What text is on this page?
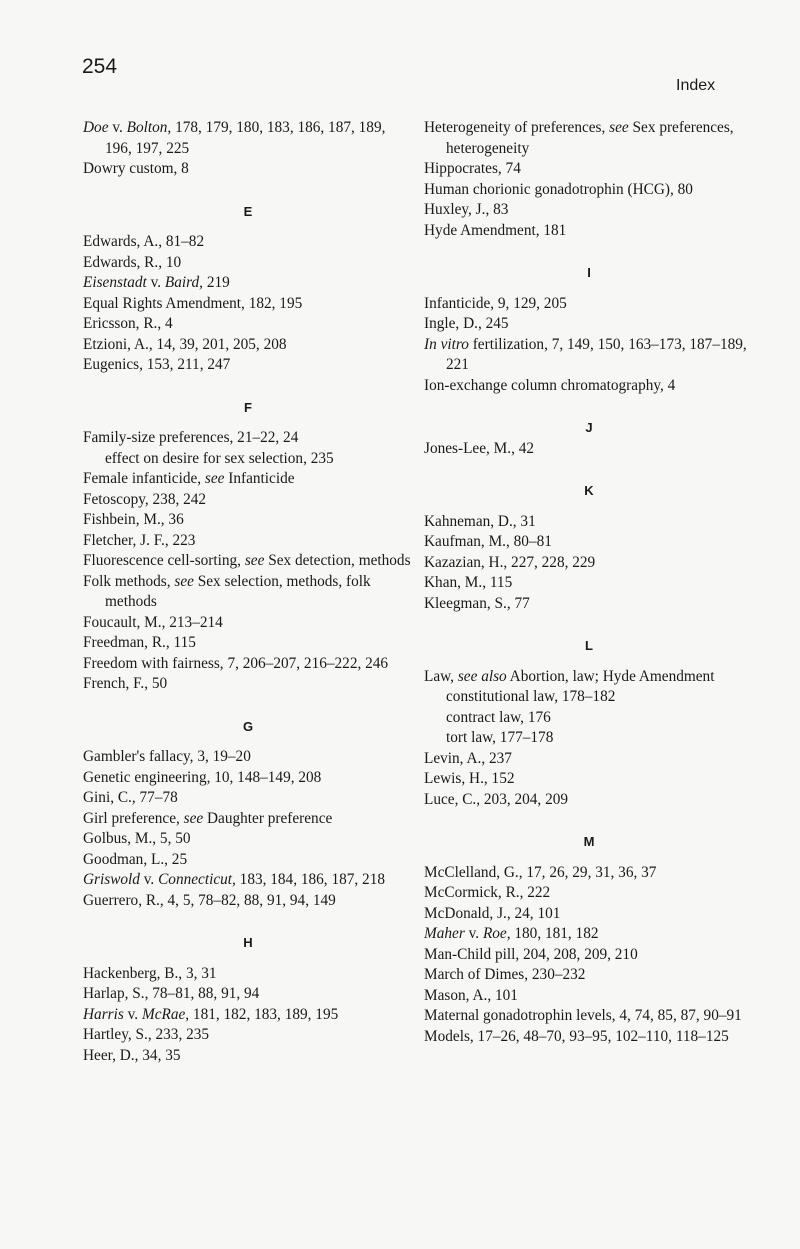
254
Index
Doe v. Bolton, 178, 179, 180, 183, 186, 187, 189, 196, 197, 225
Dowry custom, 8
E
Edwards, A., 81–82
Edwards, R., 10
Eisenstadt v. Baird, 219
Equal Rights Amendment, 182, 195
Ericsson, R., 4
Etzioni, A., 14, 39, 201, 205, 208
Eugenics, 153, 211, 247
F
Family-size preferences, 21–22, 24
effect on desire for sex selection, 235
Female infanticide, see Infanticide
Fetoscopy, 238, 242
Fishbein, M., 36
Fletcher, J. F., 223
Fluorescence cell-sorting, see Sex detection, methods
Folk methods, see Sex selection, methods, folk methods
Foucault, M., 213–214
Freedman, R., 115
Freedom with fairness, 7, 206–207, 216–222, 246
French, F., 50
G
Gambler's fallacy, 3, 19–20
Genetic engineering, 10, 148–149, 208
Gini, C., 77–78
Girl preference, see Daughter preference
Golbus, M., 5, 50
Goodman, L., 25
Griswold v. Connecticut, 183, 184, 186, 187, 218
Guerrero, R., 4, 5, 78–82, 88, 91, 94, 149
H
Hackenberg, B., 3, 31
Harlap, S., 78–81, 88, 91, 94
Harris v. McRae, 181, 182, 183, 189, 195
Hartley, S., 233, 235
Heer, D., 34, 35
Heterogeneity of preferences, see Sex preferences, heterogeneity
Hippocrates, 74
Human chorionic gonadotrophin (HCG), 80
Huxley, J., 83
Hyde Amendment, 181
I
Infanticide, 9, 129, 205
Ingle, D., 245
In vitro fertilization, 7, 149, 150, 163–173, 187–189, 221
Ion-exchange column chromatography, 4
J
Jones-Lee, M., 42
K
Kahneman, D., 31
Kaufman, M., 80–81
Kazazian, H., 227, 228, 229
Khan, M., 115
Kleegman, S., 77
L
Law, see also Abortion, law; Hyde Amendment
constitutional law, 178–182
contract law, 176
tort law, 177–178
Levin, A., 237
Lewis, H., 152
Luce, C., 203, 204, 209
M
McClelland, G., 17, 26, 29, 31, 36, 37
McCormick, R., 222
McDonald, J., 24, 101
Maher v. Roe, 180, 181, 182
Man-Child pill, 204, 208, 209, 210
March of Dimes, 230–232
Mason, A., 101
Maternal gonadotrophin levels, 4, 74, 85, 87, 90–91
Models, 17–26, 48–70, 93–95, 102–110, 118–125
